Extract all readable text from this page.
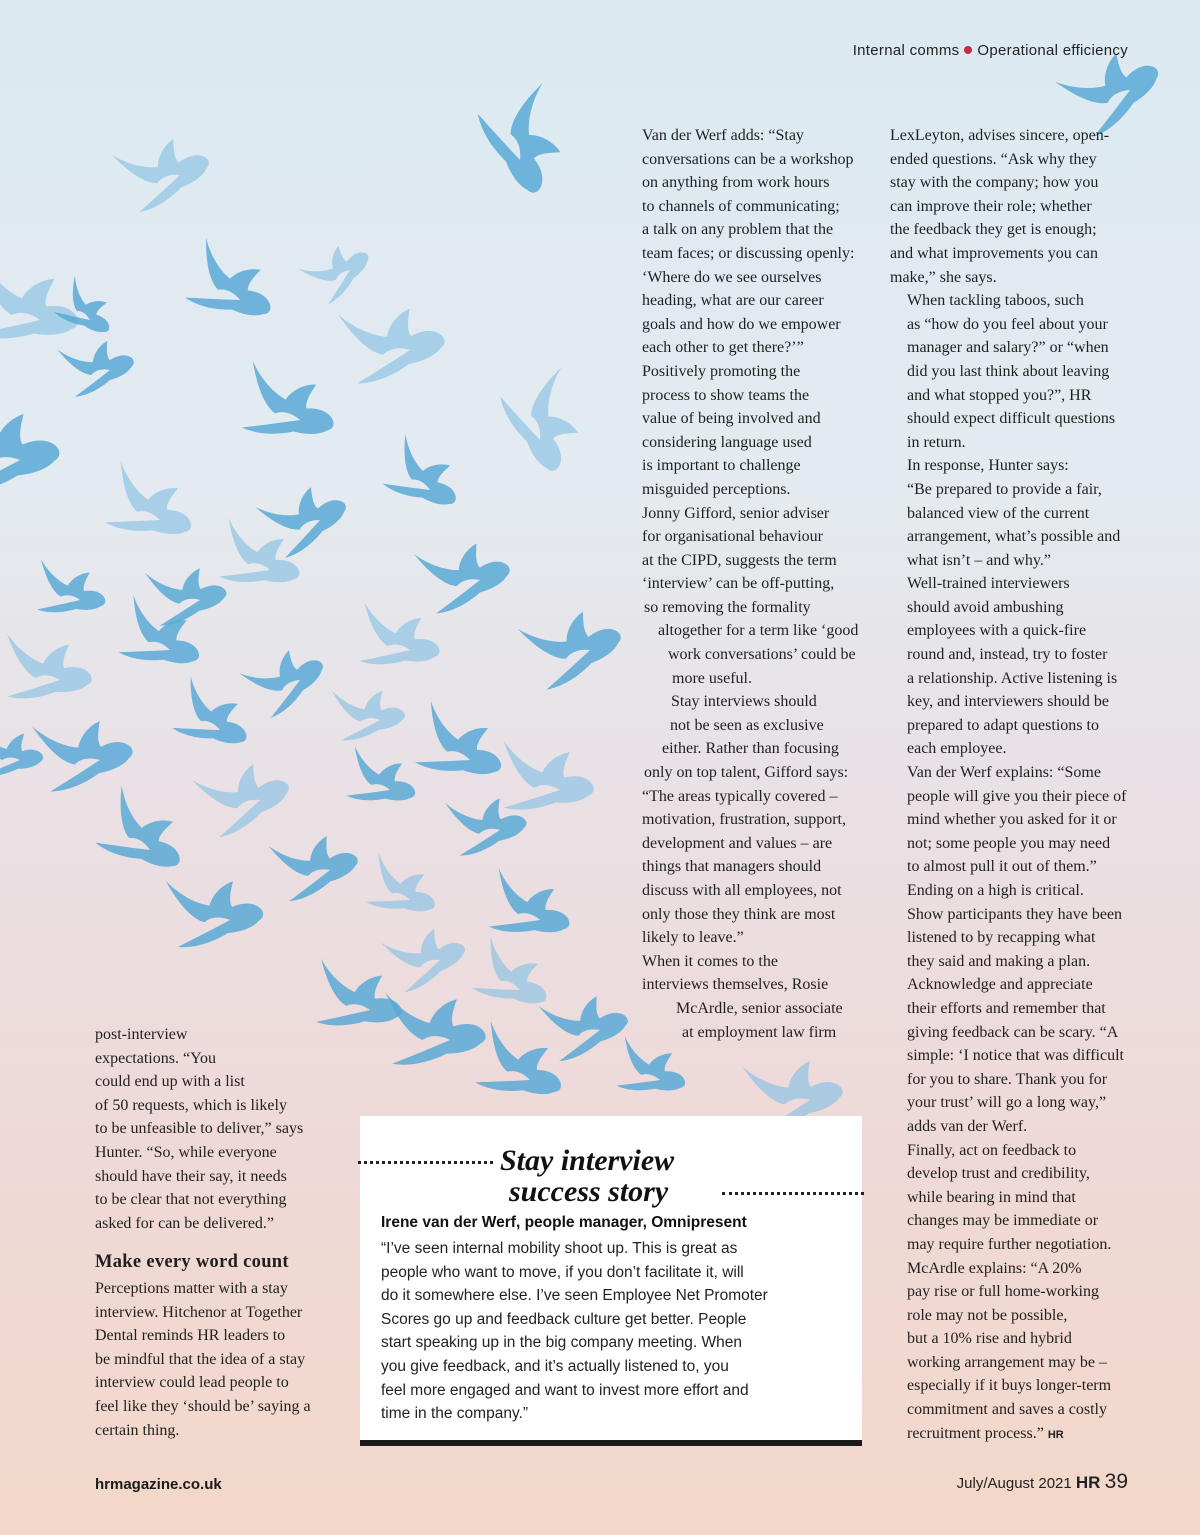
Internal comms Operational efficiency

Van der Werf adds: “Stay
conversations can be a workshop
on anything from work hours
to channels of communicating;
a talk on any problem that the
team faces; or discussing openly:
‘Where do we see ourselves
heading, what are our career
goals and how do we empower
each other to get there?’”

Positively promoting the
process to show teams the
value of being involved and
considering language used
is important to challenge
misguided perceptions.

Jonny Gifford, senior adviser
for organisational behaviour
at the CIPD, suggests the term
‘interview’ can be off-putting,
so removing the formality
altogether for a term like ‘good
work conversations’ could be
more useful.

Stay interviews should
not be seen as exclusive
either. Rather than focusing
only on top talent, Gifford says:
“The areas typically covered –
motivation, frustration, support,
development and values – are
things that managers should
discuss with all employees, not
only those they think are most
likely to leave.”

When it comes to the
interviews themselves, Rosie
McArdle, senior associate
at employment law firm

LexLeyton, advises sincere, open-
ended questions. “Ask why they
stay with the company; how you
can improve their role; whether
the feedback they get is enough;
and what improvements you can
make,” she says.

When tackling taboos, such
as “how do you feel about your
manager and salary?” or “when
did you last think about leaving
and what stopped you?”, HR
should expect difficult questions
in return.

In response, Hunter says:
“Be prepared to provide a fair,
balanced view of the current
arrangement, what’s possible and
what isn’t – and why.”

Well-trained interviewers
should avoid ambushing
employees with a quick-fire
round and, instead, try to foster
a relationship. Active listening is
key, and interviewers should be
prepared to adapt questions to
each employee.

Van der Werf explains: “Some
people will give you their piece of
mind whether you asked for it or
not; some people you may need
to almost pull it out of them.”

Ending on a high is critical.
Show participants they have been
listened to by recapping what
they said and making a plan.
Acknowledge and appreciate
their efforts and remember that
giving feedback can be scary. “A
simple: ‘I notice that was difficult
for you to share. Thank you for
your trust’ will go a long way,”
adds van der Werf.

Finally, act on feedback to
develop trust and credibility,
while bearing in mind that
changes may be immediate or
may require further negotiation.

McArdle explains: “A 20%
pay rise or full home-working
role may not be possible,
but a 10% rise and hybrid
working arrangement may be –
especially if it buys longer-term
commitment and saves a costly
recruitment process.” HR

post-interview
expectations. “You
could end up with a list
of 50 requests, which is likely
to be unfeasible to deliver,” says
Hunter. “So, while everyone
should have their say, it needs
to be clear that not everything
asked for can be delivered.”

Make every word count

Perceptions matter with a stay
interview. Hitchenor at Together
Dental reminds HR leaders to
be mindful that the idea of a stay
interview could lead people to
feel like they ‘should be’ saying a
certain thing.

Stay interview
success story
Irene van der Werf, people manager, Omnipresent
“I’ve seen internal mobility shoot up. This is great as
people who want to move, if you don’t facilitate it, will
do it somewhere else. I’ve seen Employee Net Promoter
Scores go up and feedback culture get better. People
start speaking up in the big company meeting. When
you give feedback, and it’s actually listened to, you
feel more engaged and want to invest more effort and
time in the company.”
hrmagazine.co.uk	July/August 2021 HR 39
